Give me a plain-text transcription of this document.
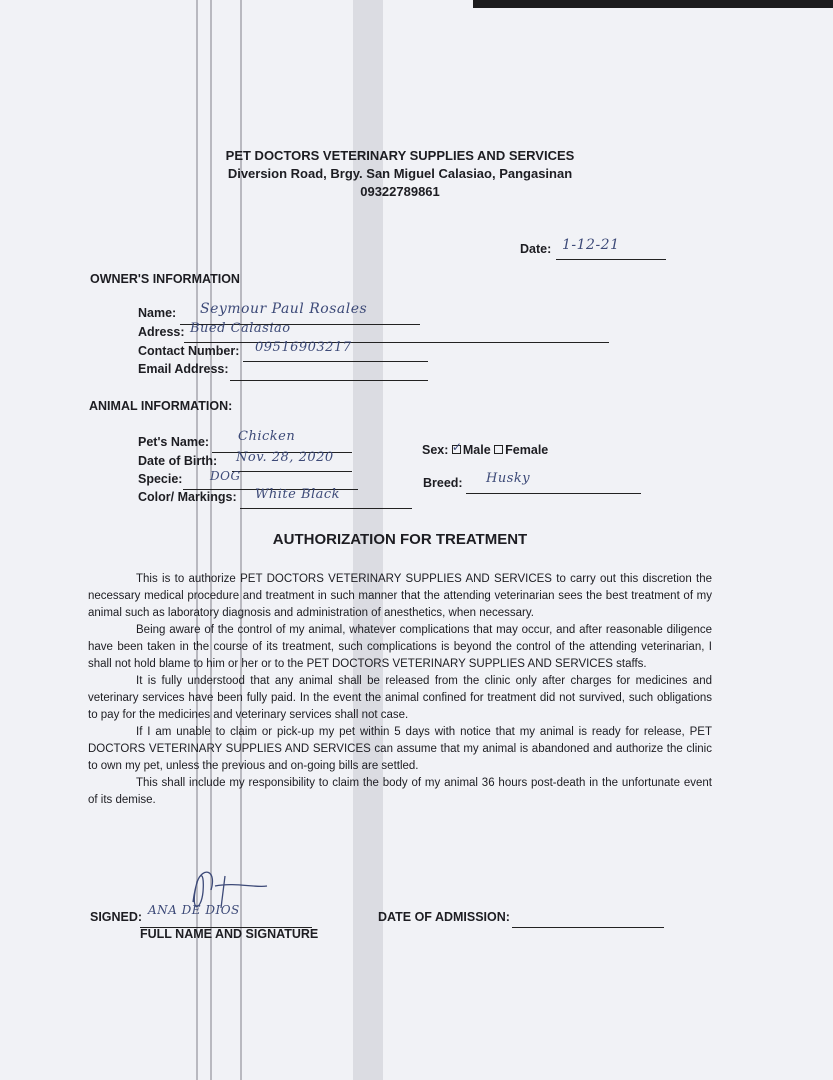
PET DOCTORS VETERINARY SUPPLIES AND SERVICES
Diversion Road, Brgy. San Miguel Calasiao, Pangasinan
09322789861
Date: 1-12-21
OWNER'S INFORMATION
Name: Seymour Paul Rosales
Adress: Bued Calasiao
Contact Number: 09516903217
Email Address:
ANIMAL INFORMATION:
Pet's Name: Chicken
Date of Birth: Nov. 28, 2020
Specie: DOG
Color/ Markings: White Black
Sex: ✓Male Female
Breed: Husky
AUTHORIZATION FOR TREATMENT
This is to authorize PET DOCTORS VETERINARY SUPPLIES AND SERVICES to carry out this discretion the necessary medical procedure and treatment in such manner that the attending veterinarian sees the best treatment of my animal such as laboratory diagnosis and administration of anesthetics, when necessary.
Being aware of the control of my animal, whatever complications that may occur, and after reasonable diligence have been taken in the course of its treatment, such complications is beyond the control of the attending veterinarian, I shall not hold blame to him or her or to the PET DOCTORS VETERINARY SUPPLIES AND SERVICES staffs.
It is fully understood that any animal shall be released from the clinic only after charges for medicines and veterinary services have been fully paid. In the event the animal confined for treatment did not survived, such obligations to pay for the medicines and veterinary services shall not case.
If I am unable to claim or pick-up my pet within 5 days with notice that my animal is ready for release, PET DOCTORS VETERINARY SUPPLIES AND SERVICES can assume that my animal is abandoned and authorize the clinic to own my pet, unless the previous and on-going bills are settled.
This shall include my responsibility to claim the body of my animal 36 hours post-death in the unfortunate event of its demise.
SIGNED: ANA DE DIOS
FULL NAME AND SIGNATURE
DATE OF ADMISSION:
